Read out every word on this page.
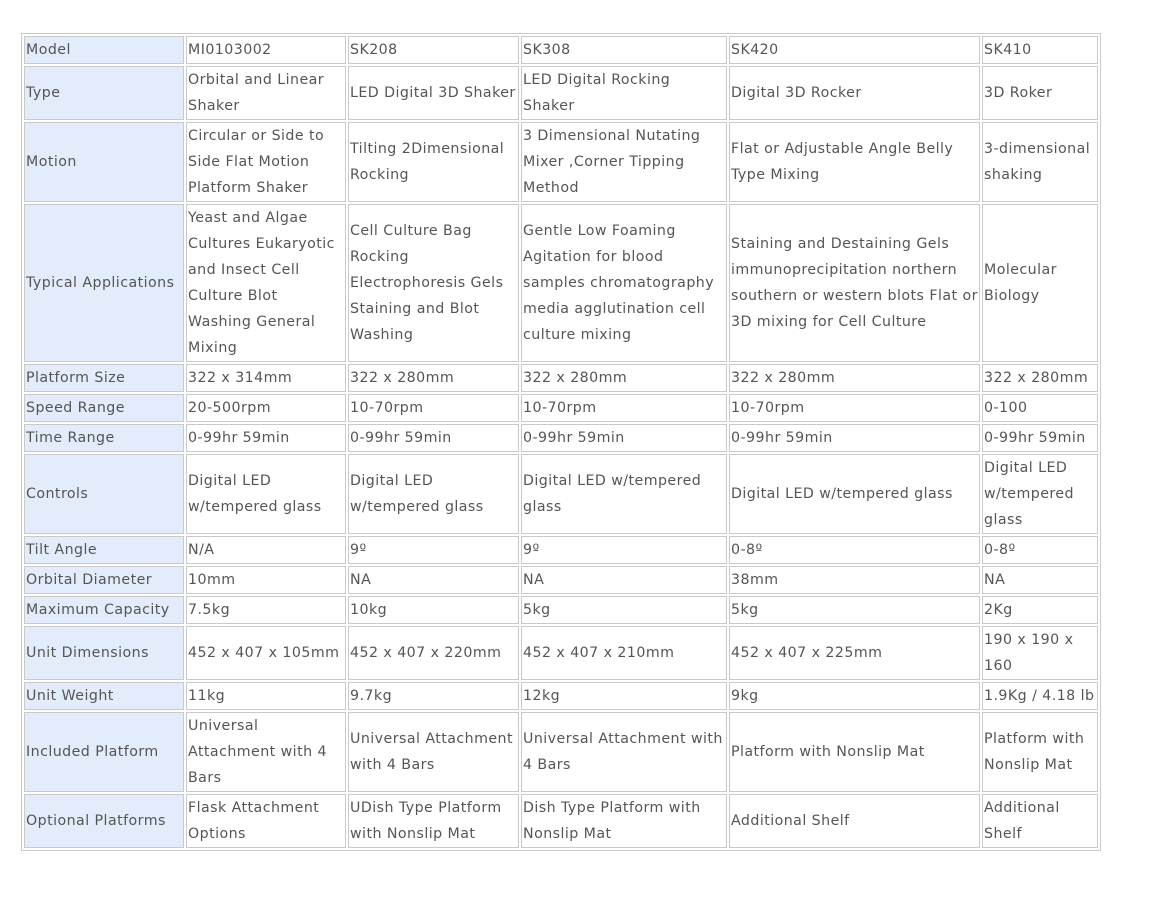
Model	MI0103002	SK208	SK308	SK420	SK410
Type	Orbital and Linear Shaker	LED Digital 3D Shaker	LED Digital Rocking Shaker	Digital 3D Rocker	3D Roker
Motion	Circular or Side to Side Flat Motion Platform Shaker	Tilting 2Dimensional Rocking	3 Dimensional Nutating Mixer ,Corner Tipping Method	Flat or Adjustable Angle Belly Type Mixing	3-dimensional shaking
Typical Applications	Yeast and Algae Cultures Eukaryotic and Insect Cell Culture Blot Washing General Mixing	Cell Culture Bag Rocking Electrophoresis Gels Staining and Blot Washing	Gentle Low Foaming Agitation for blood samples chromatography media agglutination cell culture mixing	Staining and Destaining Gels immunoprecipitation northern southern or western blots Flat or 3D mixing for Cell Culture	Molecular Biology
Platform Size	322 x 314mm	322 x 280mm	322 x 280mm	322 x 280mm	322 x 280mm
Speed Range	20-500rpm	10-70rpm	10-70rpm	10-70rpm	0-100
Time Range	0-99hr 59min	0-99hr 59min	0-99hr 59min	0-99hr 59min	0-99hr 59min
Controls	Digital LED w/tempered glass	Digital LED w/tempered glass	Digital LED w/tempered glass	Digital LED w/tempered glass	Digital LED w/tempered glass
Tilt Angle	N/A	9º	9º	0-8º	0-8º
Orbital Diameter	10mm	NA	NA	38mm	NA
Maximum Capacity	7.5kg	10kg	5kg	5kg	2Kg
Unit Dimensions	452 x 407 x 105mm	452 x 407 x 220mm	452 x 407 x 210mm	452 x 407 x 225mm	190 x 190 x 160
Unit Weight	11kg	9.7kg	12kg	9kg	1.9Kg / 4.18 lb
Included Platform	Universal Attachment with 4 Bars	Universal Attachment with 4 Bars	Universal Attachment with 4 Bars	Platform with Nonslip Mat	Platform with Nonslip Mat
Optional Platforms	Flask Attachment Options	UDish Type Platform with Nonslip Mat	Dish Type Platform with Nonslip Mat	Additional Shelf	Additional Shelf
